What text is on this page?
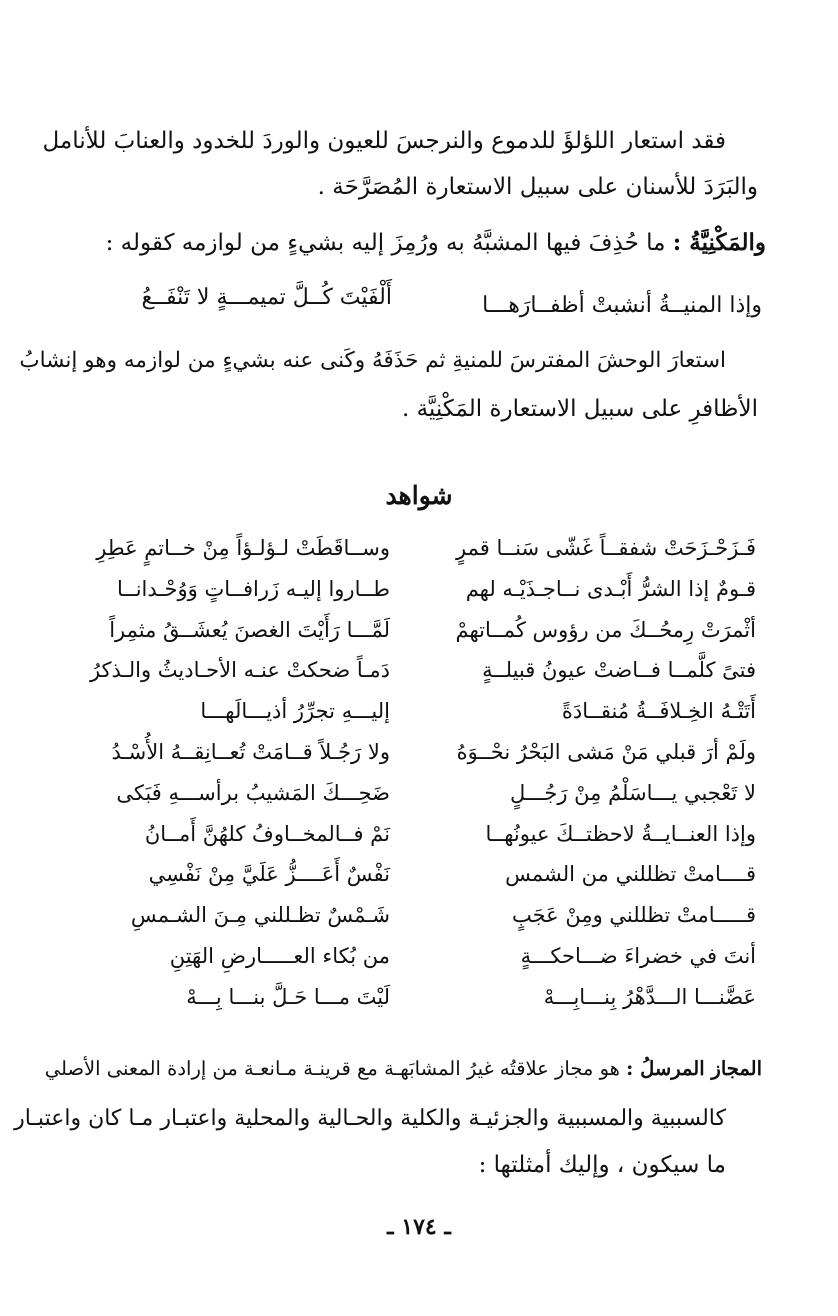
فقد استعار اللؤلؤَ للدموع والنرجسَ للعيون والوردَ للخدود والعنابَ للأنامل
والبَرَدَ للأسنان على سبيل الاستعارة المُصَرَّحَة .
والمَكْنِيَّةُ : ما حُذِفَ فيها المشبَّهُ به ورُمِزَ إليه بشيءٍ من لوازمه كقوله :
وإذا المنيــةُ أنشبتْ أظفــارَهـــا
أَلْفَيْتَ كُــلَّ تميمـــةٍ لا تَنْفَــعُ
استعارَ الوحشَ المفترسَ للمنيةِ ثم حَذَفَهُ وكَنى عنه بشيءٍ من لوازمه وهو إنشابُ
الأظافرِ على سبيل الاستعارة المَكْنِيَّة .
شواهد
فَـزَحْـزَحَتْ شفقــاً غَشّى سَنــا قمرٍ
وســاقَطَتْ لـؤلـؤاً مِنْ خــاتمٍ عَطِرِ
قـومٌ إذا الشرُّ أَبْـدى نــاجـذَيْـه لهم
طــاروا إليـه زَرافــاتٍ وَوُحْـدانــا
أثْمرَتْ رِمحُــكَ من رؤوس كُمــاتهمْ
لَمَّـــا رَأَيْتَ الغصنَ يُعشَــقُ مثمِراً
فتىً كلَّمــا فــاضتْ عيونُ قبيلــةٍ
دَمـاً ضحكتْ عنـه الأحـاديثُ والـذكرُ
أَتَتْـهُ الخِـلافَــةُ مُنقــادَةً
إليـــهِ تجرِّرُ أذيـــالَهـــا
ولَمْ أرَ قبلي مَنْ مَشى البَحْرُ نحْــوَهُ
ولا رَجُـلاً قــامَتْ تُعــانِقــهُ الأُسْـدُ
لا تَعْجبي يـــاسَلْمُ مِنْ رَجُـــلٍ
ضَحِـــكَ المَشيبُ برأســـهِ فَبَكى
وإذا العنــايــةُ لاحظتــكَ عيونُهــا
نَمْ فــالمخــاوفُ كلهُنَّ أَمــانُ
قــــامتْ تظللني من الشمس
نَفْسٌ أَعَــــزُّ عَلَيَّ مِنْ نَفْسِي
قـــــامتْ تظللني ومِنْ عَجَبٍ
شَـمْسٌ تظـللني مِـنَ الشـمسِ
أنتَ في خضراءَ ضـــاحكـــةٍ
من بُكاء العـــــارضِ الهَتِنِ
عَضَّنـــا الـــدَّهْرُ بِنـــابِـــهْ
لَيْتَ مـــا حَـلَّ بنـــا بِـــهْ
المجاز المرسلُ : هو مجاز علاقتُه غيرُ المشابَهـة مع قرينـة مـانعـة من إرادة المعنى الأصلي
كالسببية والمسببية والجزئيـة والكلية والحـالية والمحلية واعتبـار مـا كان واعتبـار
ما سيكون ، وإليك أمثلتها :
ـ ١٧٤ ـ
